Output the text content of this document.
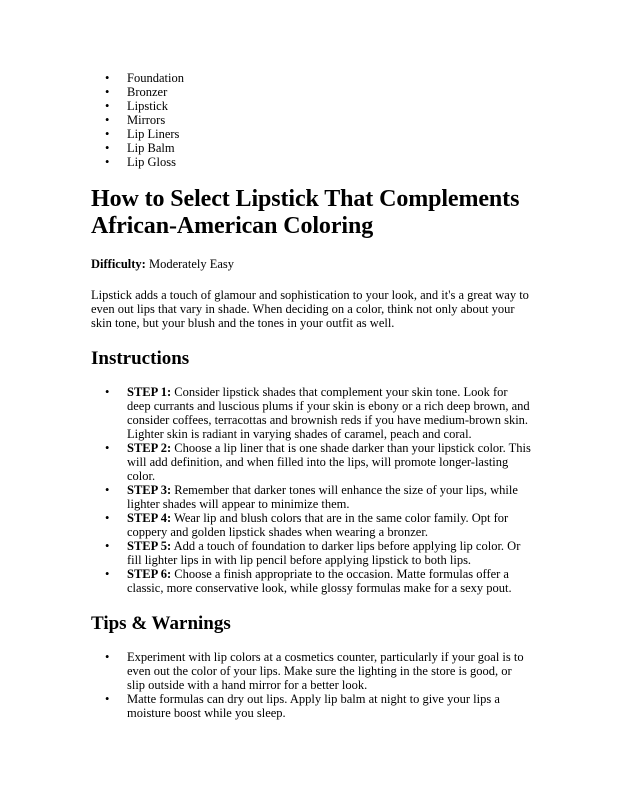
• Foundation
• Bronzer
• Lipstick
• Mirrors
• Lip Liners
• Lip Balm
• Lip Gloss
How to Select Lipstick That Complements African-American Coloring
Difficulty: Moderately Easy

Lipstick adds a touch of glamour and sophistication to your look, and it's a great way to even out lips that vary in shade. When deciding on a color, think not only about your skin tone, but your blush and the tones in your outfit as well.

Instructions
• STEP 1: Consider lipstick shades that complement your skin tone. Look for deep currants and luscious plums if your skin is ebony or a rich deep brown, and consider coffees, terracottas and brownish reds if you have medium-brown skin. Lighter skin is radiant in varying shades of caramel, peach and coral.
• STEP 2: Choose a lip liner that is one shade darker than your lipstick color. This will add definition, and when filled into the lips, will promote longer-lasting color.
• STEP 3: Remember that darker tones will enhance the size of your lips, while lighter shades will appear to minimize them.
• STEP 4: Wear lip and blush colors that are in the same color family. Opt for coppery and golden lipstick shades when wearing a bronzer.
• STEP 5: Add a touch of foundation to darker lips before applying lip color. Or fill lighter lips in with lip pencil before applying lipstick to both lips.
• STEP 6: Choose a finish appropriate to the occasion. Matte formulas offer a classic, more conservative look, while glossy formulas make for a sexy pout.
Tips & Warnings
• Experiment with lip colors at a cosmetics counter, particularly if your goal is to even out the color of your lips. Make sure the lighting in the store is good, or slip outside with a hand mirror for a better look.
• Matte formulas can dry out lips. Apply lip balm at night to give your lips a moisture boost while you sleep.
